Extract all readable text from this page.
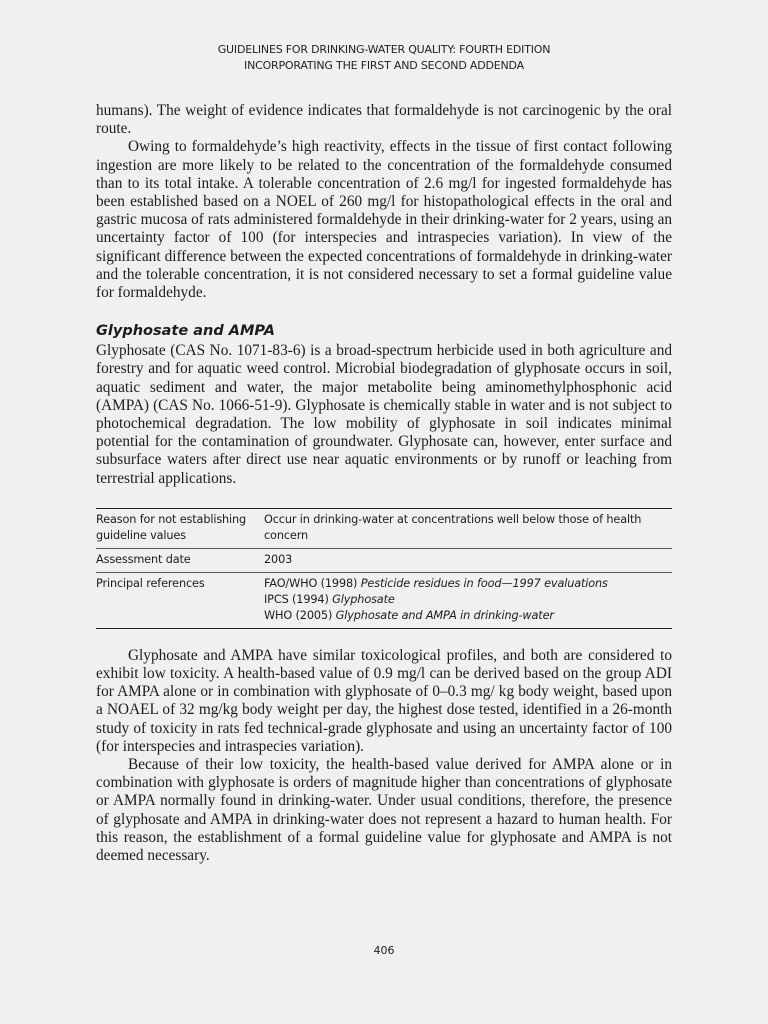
GUIDELINES FOR DRINKING-WATER QUALITY: FOURTH EDITION
INCORPORATING THE FIRST AND SECOND ADDENDA

humans). The weight of evidence indicates that formaldehyde is not carcinogenic by the oral route.

Owing to formaldehyde’s high reactivity, effects in the tissue of first contact following ingestion are more likely to be related to the concentration of the formaldehyde consumed than to its total intake. A tolerable concentration of 2.6 mg/l for ingested formaldehyde has been established based on a NOEL of 260 mg/l for histopathological effects in the oral and gastric mucosa of rats administered formaldehyde in their drinking-water for 2 years, using an uncertainty factor of 100 (for interspecies and intraspecies variation). In view of the significant difference between the expected concentrations of formaldehyde in drinking-water and the tolerable concentration, it is not considered necessary to set a formal guideline value for formaldehyde.

Glyphosate and AMPA

Glyphosate (CAS No. 1071-83-6) is a broad-spectrum herbicide used in both agriculture and forestry and for aquatic weed control. Microbial biodegradation of glyphosate occurs in soil, aquatic sediment and water, the major metabolite being aminomethylphosphonic acid (AMPA) (CAS No. 1066-51-9). Glyphosate is chemically stable in water and is not subject to photochemical degradation. The low mobility of glyphosate in soil indicates minimal potential for the contamination of groundwater. Glyphosate can, however, enter surface and subsurface waters after direct use near aquatic environments or by runoff or leaching from terrestrial applications.

Reason for not establishing guideline values	Occur in drinking-water at concentrations well below those of health concern
Assessment date	2003
Principal references	FAO/WHO (1998) Pesticide residues in food—1997 evaluations
IPCS (1994) Glyphosate
WHO (2005) Glyphosate and AMPA in drinking-water

Glyphosate and AMPA have similar toxicological profiles, and both are considered to exhibit low toxicity. A health-based value of 0.9 mg/l can be derived based on the group ADI for AMPA alone or in combination with glyphosate of 0–0.3 mg/ kg body weight, based upon a NOAEL of 32 mg/kg body weight per day, the highest dose tested, identified in a 26-month study of toxicity in rats fed technical-grade glyphosate and using an uncertainty factor of 100 (for interspecies and intraspecies variation).

Because of their low toxicity, the health-based value derived for AMPA alone or in combination with glyphosate is orders of magnitude higher than concentrations of glyphosate or AMPA normally found in drinking-water. Under usual conditions, therefore, the presence of glyphosate and AMPA in drinking-water does not represent a hazard to human health. For this reason, the establishment of a formal guideline value for glyphosate and AMPA is not deemed necessary.

406
